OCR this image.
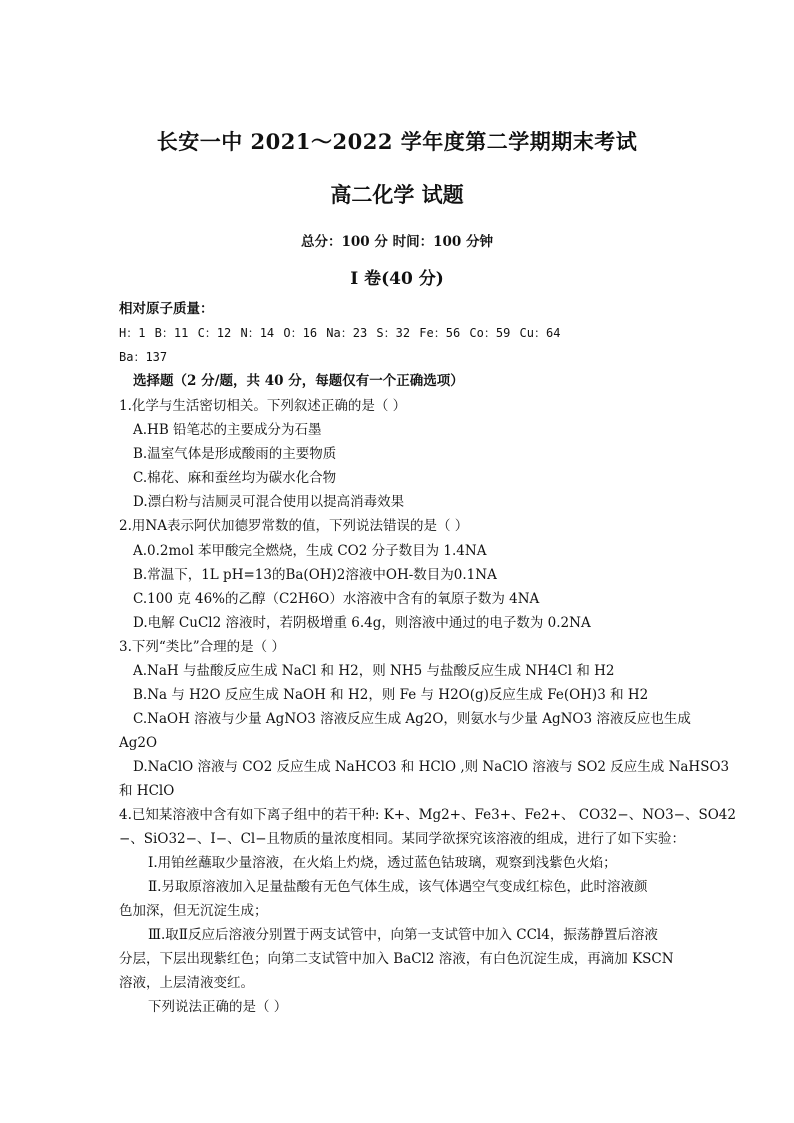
长安一中 2021～2022 学年度第二学期期末考试
高二化学 试题
总分：100 分 时间：100 分钟
I 卷(40 分)
相对原子质量：
H：1 B：11 C：12 N：14 O：16 Na：23 S：32 Fe：56 Co：59 Cu：64
Ba：137
选择题（2 分/题，共 40 分，每题仅有一个正确选项）
1.化学与生活密切相关。下列叙述正确的是（ ）
A.HB 铅笔芯的主要成分为石墨
B.温室气体是形成酸雨的主要物质
C.棉花、麻和蚕丝均为碳水化合物
D.漂白粉与洁厕灵可混合使用以提高消毒效果
2.用NA表示阿伏加德罗常数的值，下列说法错误的是（ ）
A.0.2mol 苯甲酸完全燃烧，生成 CO2 分子数目为 1.4NA
B.常温下，1L pH=13的Ba(OH)2溶液中OH-数目为0.1NA
C.100 克 46%的乙醇（C2H6O）水溶液中含有的氧原子数为 4NA
D.电解 CuCl2 溶液时，若阴极增重 6.4g，则溶液中通过的电子数为 0.2NA
3.下列“类比”合理的是（ ）
A.NaH 与盐酸反应生成 NaCl 和 H2，则 NH5 与盐酸反应生成 NH4Cl 和 H2
B.Na 与 H2O 反应生成 NaOH 和 H2，则 Fe 与 H2O(g)反应生成 Fe(OH)3 和 H2
C.NaOH 溶液与少量 AgNO3 溶液反应生成 Ag2O，则氨水与少量 AgNO3 溶液反应也生成
Ag2O
D.NaClO 溶液与 CO2 反应生成 NaHCO3 和 HClO ,则 NaClO 溶液与 SO2 反应生成 NaHSO3
和 HClO
4.已知某溶液中含有如下离子组中的若干种: K+、Mg2+、Fe3+、Fe2+、 CO32−、NO3−、SO42
−、SiO32−、I−、Cl−且物质的量浓度相同。某同学欲探究该溶液的组成，进行了如下实验：
Ⅰ.用铂丝蘸取少量溶液，在火焰上灼烧，透过蓝色钴玻璃，观察到浅紫色火焰；
Ⅱ.另取原溶液加入足量盐酸有无色气体生成，该气体遇空气变成红棕色，此时溶液颜
色加深，但无沉淀生成；
Ⅲ.取Ⅱ反应后溶液分别置于两支试管中，向第一支试管中加入 CCl4，振荡静置后溶液
分层，下层出现紫红色；向第二支试管中加入 BaCl2 溶液，有白色沉淀生成，再滴加 KSCN
溶液，上层清液变红。
下列说法正确的是（ ）
